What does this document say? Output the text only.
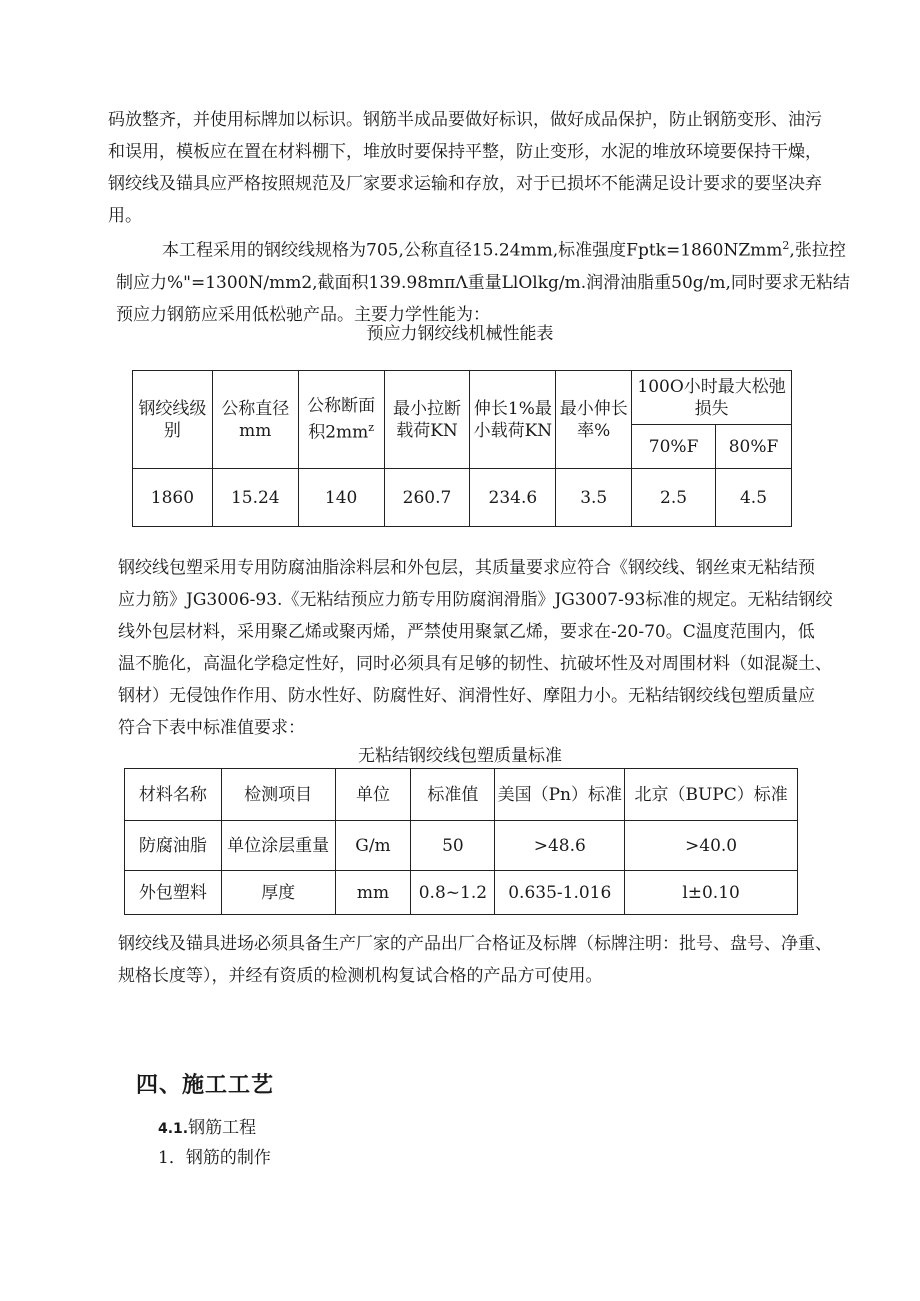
码放整齐，并使用标牌加以标识。钢筋半成品要做好标识，做好成品保护，防止钢筋变形、油污
和误用，模板应在置在材料棚下，堆放时要保持平整，防止变形，水泥的堆放环境要保持干燥，
钢绞线及锚具应严格按照规范及厂家要求运输和存放，对于已损坏不能满足设计要求的要坚决弃
用。

本工程采用的钢绞线规格为705,公称直径15.24mm,标准强度Fptk=1860NZmm$^2$,张拉控
制应力%"=1300N∕mm2,截面积139.98mπΛ重量LlOlkg∕m.润滑油脂重50g∕m,同时要求无粘结
预应力钢筋应采用低松驰产品。主要力学性能为：

预应力钢绞线机械性能表

钢绞线级别	公称直径mm	公称断面积$2mm^z$	最小拉断载荷KN	伸长1%最小载荷KN	最小伸长率%	100O小时最大松弛损失	
						70%F	80%F
1860	15.24	140	260.7	234.6	3.5	2.5	4.5

钢绞线包塑采用专用防腐油脂涂料层和外包层，其质量要求应符合《钢绞线、钢丝束无粘结预
应力筋》JG3006-93.《无粘结预应力筋专用防腐润滑脂》JG3007-93标准的规定。无粘结钢绞
线外包层材料，采用聚乙烯或聚丙烯，严禁使用聚氯乙烯，要求在-20-70。C温度范围内，低
温不脆化，高温化学稳定性好，同时必须具有足够的韧性、抗破坏性及对周围材料（如混凝土、
钢材）无侵蚀作作用、防水性好、防腐性好、润滑性好、摩阻力小。无粘结钢绞线包塑质量应
符合下表中标准值要求：

无粘结钢绞线包塑质量标准

材料名称	检测项目	单位	标准值	美国（Pn）标准	北京（BUPC）标准
防腐油脂	单位涂层重量	G/m	50	>48.6	>40.0
外包塑料	厚度	mm	0.8~1.2	0.635-1.016	l±0.10

钢绞线及锚具进场必须具备生产厂家的产品出厂合格证及标牌（标牌注明：批号、盘号、净重、
规格长度等），并经有资质的检测机构复试合格的产品方可使用。

四、施工工艺
4.1.钢筋工程
1．钢筋的制作
